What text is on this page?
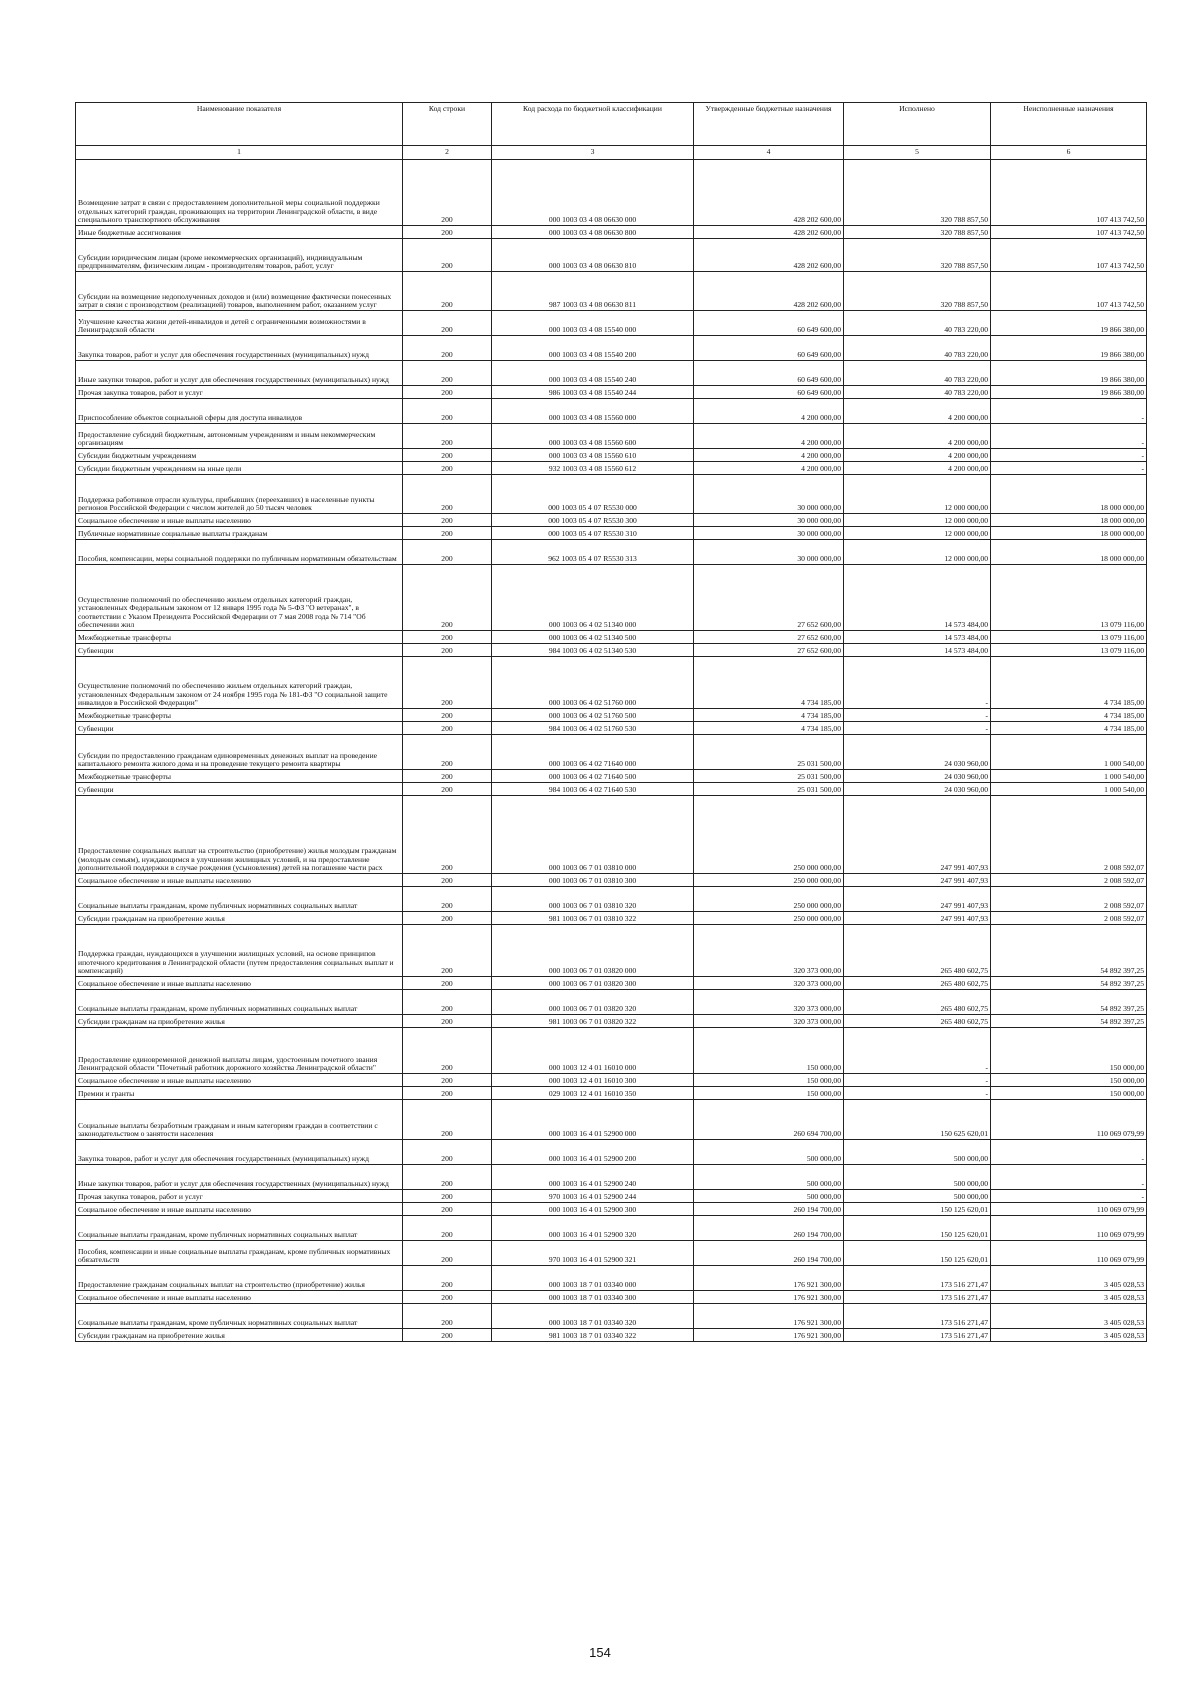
Наименование показателя	Код строки	Код расхода по бюджетной классификации	Утвержденные бюджетные назначения	Исполнено	Неисполненные назначения
1	2	3	4	5	6
Возмещение затрат в связи с предоставлением дополнительной меры социальной поддержки отдельных категорий граждан, проживающих на территории Ленинградской области, в виде специального транспортного обслуживания	200	000 1003 03 4 08 06630 000	428 202 600,00	320 788 857,50	107 413 742,50
Иные бюджетные ассигнования	200	000 1003 03 4 08 06630 800	428 202 600,00	320 788 857,50	107 413 742,50
Субсидии юридическим лицам (кроме некоммерческих организаций), индивидуальным предпринимателям, физическим лицам - производителям товаров, работ, услуг	200	000 1003 03 4 08 06630 810	428 202 600,00	320 788 857,50	107 413 742,50
Субсидии на возмещение недополученных доходов и (или) возмещение фактически понесенных затрат в связи с производством (реализацией) товаров, выполнением работ, оказанием услуг	200	987 1003 03 4 08 06630 811	428 202 600,00	320 788 857,50	107 413 742,50
Улучшение качества жизни детей-инвалидов и детей с ограниченными возможностями в Ленинградской области	200	000 1003 03 4 08 15540 000	60 649 600,00	40 783 220,00	19 866 380,00
Закупка товаров, работ и услуг для обеспечения государственных (муниципальных) нужд	200	000 1003 03 4 08 15540 200	60 649 600,00	40 783 220,00	19 866 380,00
Иные закупки товаров, работ и услуг для обеспечения государственных (муниципальных) нужд	200	000 1003 03 4 08 15540 240	60 649 600,00	40 783 220,00	19 866 380,00
Прочая закупка товаров, работ и услуг	200	986 1003 03 4 08 15540 244	60 649 600,00	40 783 220,00	19 866 380,00
Приспособление объектов социальной сферы для доступа инвалидов	200	000 1003 03 4 08 15560 000	4 200 000,00	4 200 000,00	-
Предоставление субсидий бюджетным, автономным учреждениям и иным некоммерческим организациям	200	000 1003 03 4 08 15560 600	4 200 000,00	4 200 000,00	-
Субсидии бюджетным учреждениям	200	000 1003 03 4 08 15560 610	4 200 000,00	4 200 000,00	-
Субсидии бюджетным учреждениям на иные цели	200	932 1003 03 4 08 15560 612	4 200 000,00	4 200 000,00	-
Поддержка работников отрасли культуры, прибывших (переехавших) в населенные пункты регионов Российской Федерации с числом жителей до 50 тысяч человек	200	000 1003 05 4 07 R5530 000	30 000 000,00	12 000 000,00	18 000 000,00
Социальное обеспечение и иные выплаты населению	200	000 1003 05 4 07 R5530 300	30 000 000,00	12 000 000,00	18 000 000,00
Публичные нормативные социальные выплаты гражданам	200	000 1003 05 4 07 R5530 310	30 000 000,00	12 000 000,00	18 000 000,00
Пособия, компенсации, меры социальной поддержки по публичным нормативным обязательствам	200	962 1003 05 4 07 R5530 313	30 000 000,00	12 000 000,00	18 000 000,00
Осуществление полномочий по обеспечению жильем отдельных категорий граждан, установленных Федеральным законом от 12 января 1995 года № 5-ФЗ "О ветеранах", в соответствии с Указом Президента Российской Федерации от 7 мая 2008 года № 714 "Об обеспечении жил	200	000 1003 06 4 02 51340 000	27 652 600,00	14 573 484,00	13 079 116,00
Межбюджетные трансферты	200	000 1003 06 4 02 51340 500	27 652 600,00	14 573 484,00	13 079 116,00
Субвенции	200	984 1003 06 4 02 51340 530	27 652 600,00	14 573 484,00	13 079 116,00
Осуществление полномочий по обеспечению жильем отдельных категорий граждан, установленных Федеральным законом от 24 ноября 1995 года № 181-ФЗ "О социальной защите инвалидов в Российской Федерации"	200	000 1003 06 4 02 51760 000	4 734 185,00	-	4 734 185,00
Межбюджетные трансферты	200	000 1003 06 4 02 51760 500	4 734 185,00	-	4 734 185,00
Субвенции	200	984 1003 06 4 02 51760 530	4 734 185,00	-	4 734 185,00
Субсидии по предоставлению гражданам единовременных денежных выплат на проведение капитального ремонта жилого дома и на проведение текущего ремонта квартиры	200	000 1003 06 4 02 71640 000	25 031 500,00	24 030 960,00	1 000 540,00
Межбюджетные трансферты	200	000 1003 06 4 02 71640 500	25 031 500,00	24 030 960,00	1 000 540,00
Субвенции	200	984 1003 06 4 02 71640 530	25 031 500,00	24 030 960,00	1 000 540,00
Предоставление социальных выплат на строительство (приобретение) жилья молодым гражданам (молодым семьям), нуждающимся в улучшении жилищных условий, и на предоставление дополнительной поддержки в случае рождения (усыновления) детей на погашение части расх	200	000 1003 06 7 01 03810 000	250 000 000,00	247 991 407,93	2 008 592,07
Социальное обеспечение и иные выплаты населению	200	000 1003 06 7 01 03810 300	250 000 000,00	247 991 407,93	2 008 592,07
Социальные выплаты гражданам, кроме публичных нормативных социальных выплат	200	000 1003 06 7 01 03810 320	250 000 000,00	247 991 407,93	2 008 592,07
Субсидии гражданам на приобретение жилья	200	981 1003 06 7 01 03810 322	250 000 000,00	247 991 407,93	2 008 592,07
Поддержка граждан, нуждающихся в улучшении жилищных условий, на основе принципов ипотечного кредитования в Ленинградской области (путем предоставления социальных выплат и компенсаций)	200	000 1003 06 7 01 03820 000	320 373 000,00	265 480 602,75	54 892 397,25
Социальное обеспечение и иные выплаты населению	200	000 1003 06 7 01 03820 300	320 373 000,00	265 480 602,75	54 892 397,25
Социальные выплаты гражданам, кроме публичных нормативных социальных выплат	200	000 1003 06 7 01 03820 320	320 373 000,00	265 480 602,75	54 892 397,25
Субсидии гражданам на приобретение жилья	200	981 1003 06 7 01 03820 322	320 373 000,00	265 480 602,75	54 892 397,25
Предоставление единовременной денежной выплаты лицам, удостоенным почетного звания Ленинградской области "Почетный работник дорожного хозяйства Ленинградской области"	200	000 1003 12 4 01 16010 000	150 000,00	-	150 000,00
Социальное обеспечение и иные выплаты населению	200	000 1003 12 4 01 16010 300	150 000,00	-	150 000,00
Премии и гранты	200	029 1003 12 4 01 16010 350	150 000,00	-	150 000,00
Социальные выплаты безработным гражданам и иным категориям граждан в соответствии с законодательством о занятости населения	200	000 1003 16 4 01 52900 000	260 694 700,00	150 625 620,01	110 069 079,99
Закупка товаров, работ и услуг для обеспечения государственных (муниципальных) нужд	200	000 1003 16 4 01 52900 200	500 000,00	500 000,00	-
Иные закупки товаров, работ и услуг для обеспечения государственных (муниципальных) нужд	200	000 1003 16 4 01 52900 240	500 000,00	500 000,00	-
Прочая закупка товаров, работ и услуг	200	970 1003 16 4 01 52900 244	500 000,00	500 000,00	-
Социальное обеспечение и иные выплаты населению	200	000 1003 16 4 01 52900 300	260 194 700,00	150 125 620,01	110 069 079,99
Социальные выплаты гражданам, кроме публичных нормативных социальных выплат	200	000 1003 16 4 01 52900 320	260 194 700,00	150 125 620,01	110 069 079,99
Пособия, компенсации и иные социальные выплаты гражданам, кроме публичных нормативных обязательств	200	970 1003 16 4 01 52900 321	260 194 700,00	150 125 620,01	110 069 079,99
Предоставление гражданам социальных выплат на строительство (приобретение) жилья	200	000 1003 18 7 01 03340 000	176 921 300,00	173 516 271,47	3 405 028,53
Социальное обеспечение и иные выплаты населению	200	000 1003 18 7 01 03340 300	176 921 300,00	173 516 271,47	3 405 028,53
Социальные выплаты гражданам, кроме публичных нормативных социальных выплат	200	000 1003 18 7 01 03340 320	176 921 300,00	173 516 271,47	3 405 028,53
Субсидии гражданам на приобретение жилья	200	981 1003 18 7 01 03340 322	176 921 300,00	173 516 271,47	3 405 028,53
154
